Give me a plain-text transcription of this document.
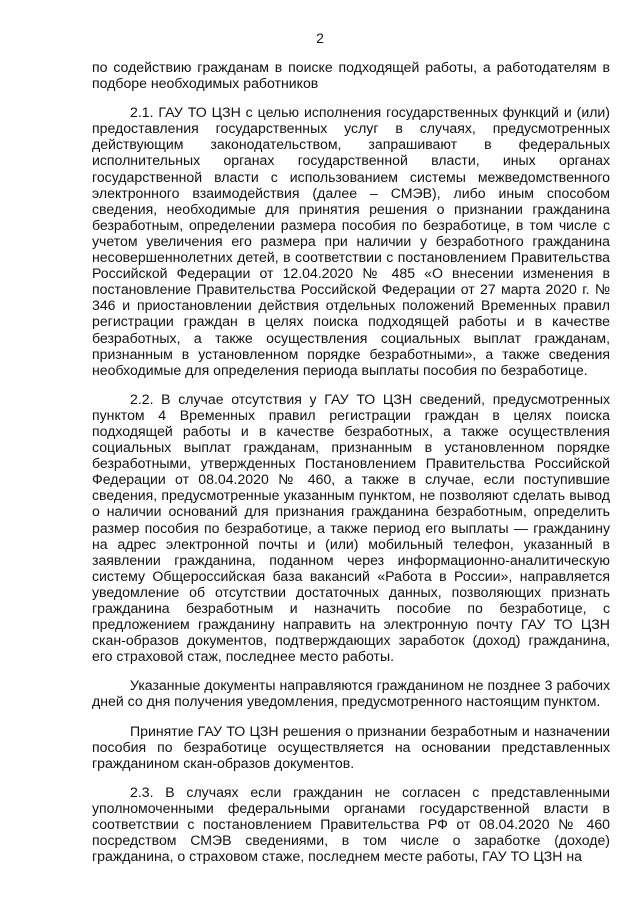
2

по содействию гражданам в поиске подходящей работы, а работодателям в подборе необходимых работников

2.1. ГАУ ТО ЦЗН с целью исполнения государственных функций и (или) предоставления государственных услуг в случаях, предусмотренных действующим законодательством, запрашивают в федеральных исполнительных органах государственной власти, иных органах государственной власти с использованием системы межведомственного электронного взаимодействия (далее – СМЭВ), либо иным способом сведения, необходимые для принятия решения о признании гражданина безработным, определении размера пособия по безработице, в том числе с учетом увеличения его размера при наличии у безработного гражданина несовершеннолетних детей, в соответствии с постановлением Правительства Российской Федерации от 12.04.2020 № 485 «О внесении изменения в постановление Правительства Российской Федерации от 27 марта 2020 г. № 346 и приостановлении действия отдельных положений Временных правил регистрации граждан в целях поиска подходящей работы и в качестве безработных, а также осуществления социальных выплат гражданам, признанным в установленном порядке безработными», а также сведения необходимые для определения периода выплаты пособия по безработице.

2.2. В случае отсутствия у ГАУ ТО ЦЗН сведений, предусмотренных пунктом 4 Временных правил регистрации граждан в целях поиска подходящей работы и в качестве безработных, а также осуществления социальных выплат гражданам, признанным в установленном порядке безработными, утвержденных Постановлением Правительства Российской Федерации от 08.04.2020 № 460, а также в случае, если поступившие сведения, предусмотренные указанным пунктом, не позволяют сделать вывод о наличии оснований для признания гражданина безработным, определить размер пособия по безработице, а также период его выплаты — гражданину на адрес электронной почты и (или) мобильный телефон, указанный в заявлении гражданина, поданном через информационно-аналитическую систему Общероссийская база вакансий «Работа в России», направляется уведомление об отсутствии достаточных данных, позволяющих признать гражданина безработным и назначить пособие по безработице, с предложением гражданину направить на электронную почту ГАУ ТО ЦЗН скан-образов документов, подтверждающих заработок (доход) гражданина, его страховой стаж, последнее место работы.

Указанные документы направляются гражданином не позднее 3 рабочих дней со дня получения уведомления, предусмотренного настоящим пунктом.

Принятие ГАУ ТО ЦЗН решения о признании безработным и назначении пособия по безработице осуществляется на основании представленных гражданином скан-образов документов.

2.3. В случаях если гражданин не согласен с представленными уполномоченными федеральными органами государственной власти в соответствии с постановлением Правительства РФ от 08.04.2020 № 460 посредством СМЭВ сведениями, в том числе о заработке (доходе) гражданина, о страховом стаже, последнем месте работы, ГАУ ТО ЦЗН на
